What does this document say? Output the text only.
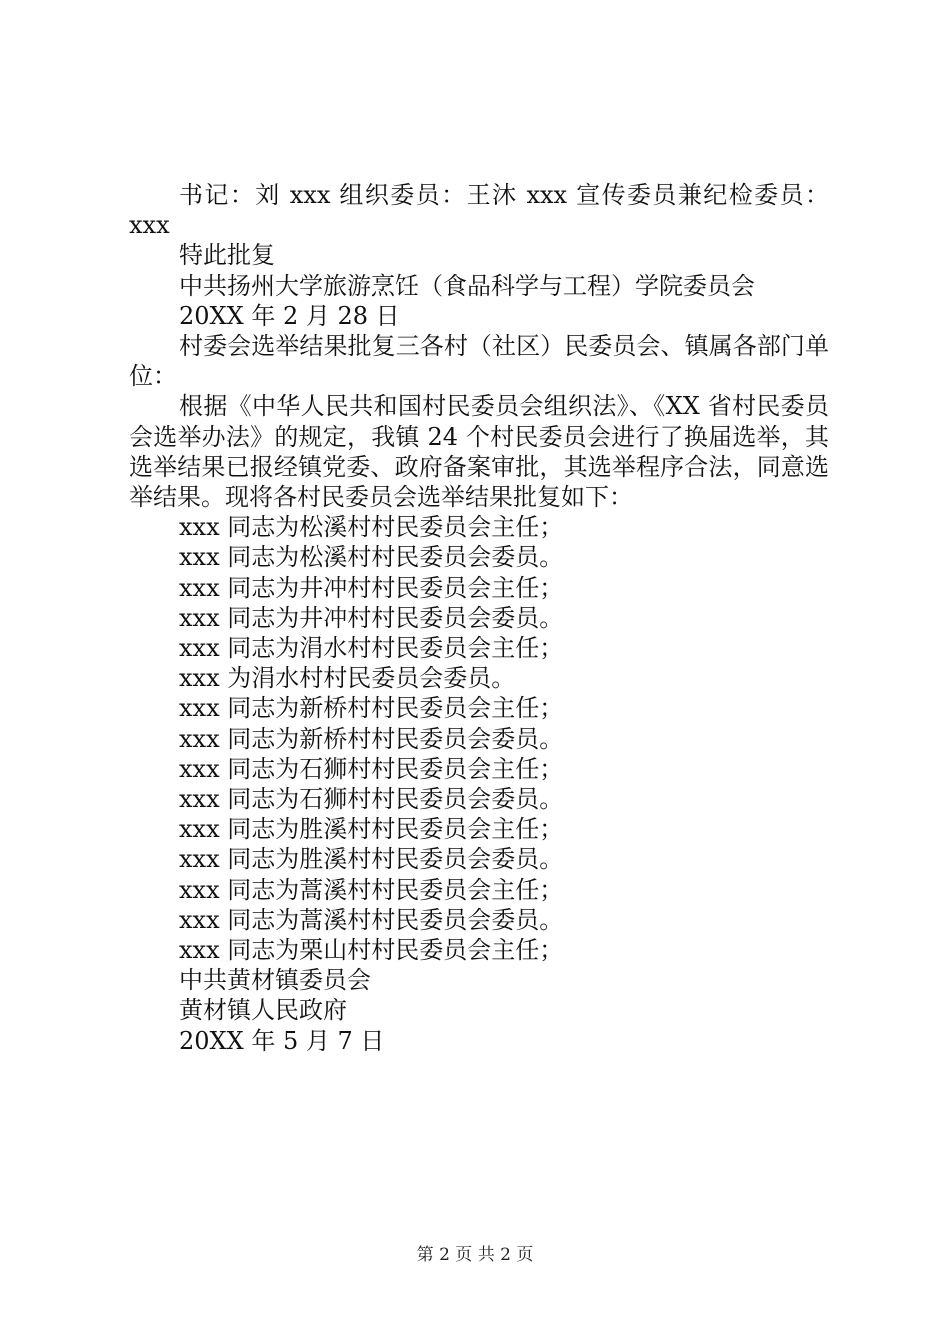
书记：刘 xxx 组织委员：王沐 xxx 宣传委员兼纪检委员：xxx

特此批复

中共扬州大学旅游烹饪（食品科学与工程）学院委员会

20XX 年 2 月 28 日

村委会选举结果批复三各村（社区）民委员会、镇属各部门单位：

根据《中华人民共和国村民委员会组织法》、《XX 省村民委员会选举办法》的规定，我镇 24 个村民委员会进行了换届选举，其选举结果已报经镇党委、政府备案审批，其选举程序合法，同意选举结果。现将各村民委员会选举结果批复如下：

xxx 同志为松溪村村民委员会主任；

xxx 同志为松溪村村民委员会委员。

xxx 同志为井冲村村民委员会主任；

xxx 同志为井冲村村民委员会委员。

xxx 同志为涓水村村民委员会主任；

xxx 为涓水村村民委员会委员。

xxx 同志为新桥村村民委员会主任；

xxx 同志为新桥村村民委员会委员。

xxx 同志为石狮村村民委员会主任；

xxx 同志为石狮村村民委员会委员。

xxx 同志为胜溪村村民委员会主任；

xxx 同志为胜溪村村民委员会委员。

xxx 同志为蒿溪村村民委员会主任；

xxx 同志为蒿溪村村民委员会委员。

xxx 同志为栗山村村民委员会主任；

中共黄材镇委员会

黄材镇人民政府

20XX 年 5 月 7 日

第 2 页 共 2 页
